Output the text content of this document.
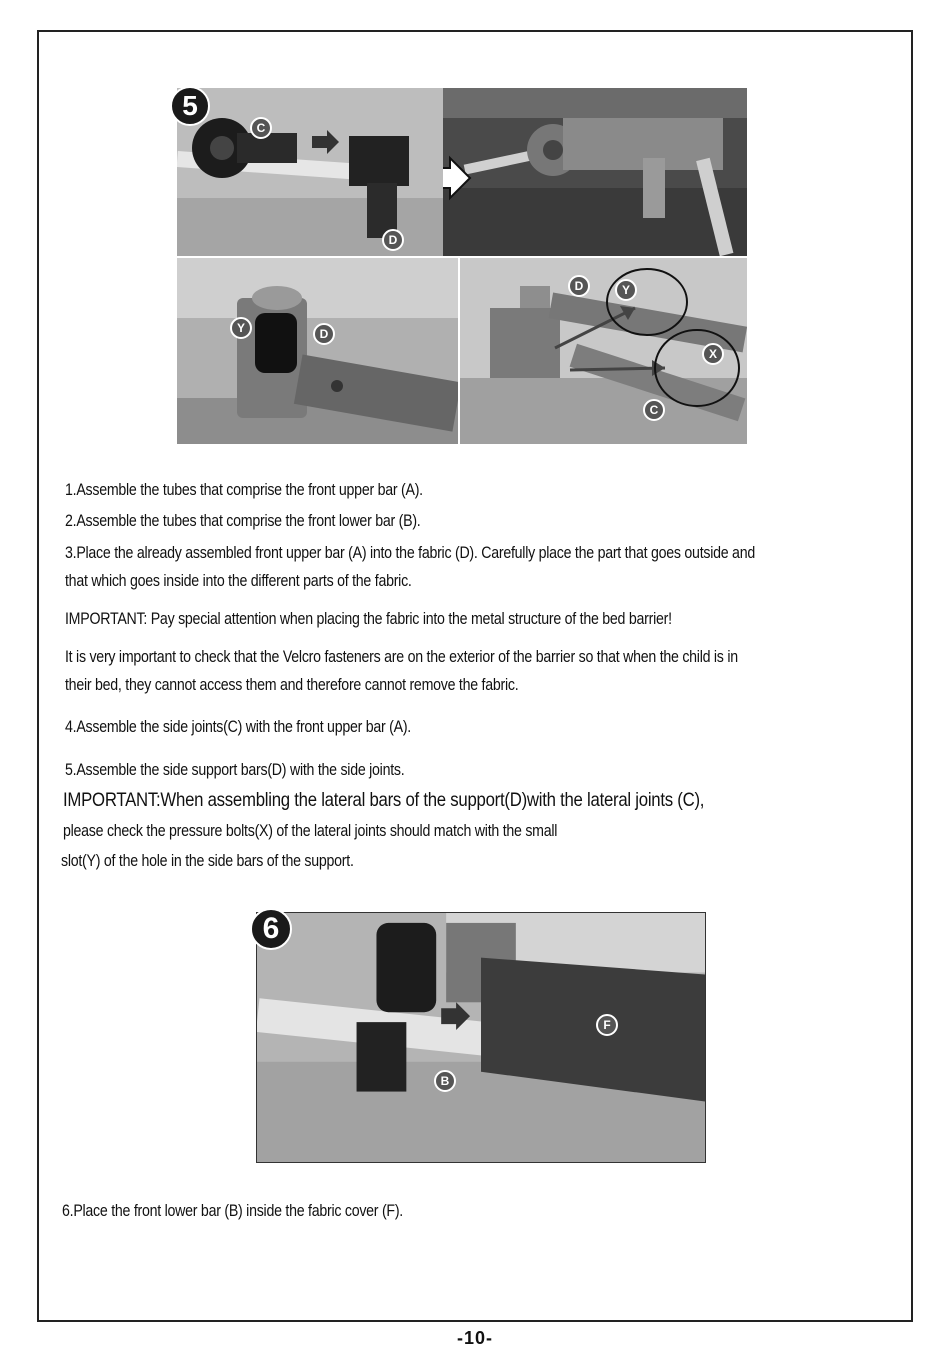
5
C
D
Y	D
D	Y
X
C
1.Assemble the tubes that comprise the front upper bar (A).
2.Assemble the tubes that comprise the front lower bar (B).
3.Place the already assembled front upper bar (A) into the fabric (D). Carefully place the part that goes outside and
that which goes inside into the different parts of the fabric.
IMPORTANT: Pay special attention when placing the fabric into the metal structure of the bed barrier!
It is very important to check that the Velcro fasteners are on the exterior of the barrier so that when the child is in
their bed, they cannot access them and therefore cannot remove the fabric.
4.Assemble the side joints(C) with the front upper bar (A).
5.Assemble the side support bars(D) with the side joints.
IMPORTANT:When assembling the lateral bars of the support(D)with the lateral joints (C),
please check the pressure bolts(X) of the lateral joints should match with the small
slot(Y) of the hole in the side bars of the support.
6
F
B
6.Place the front lower bar (B) inside the fabric cover (F).
-10-
